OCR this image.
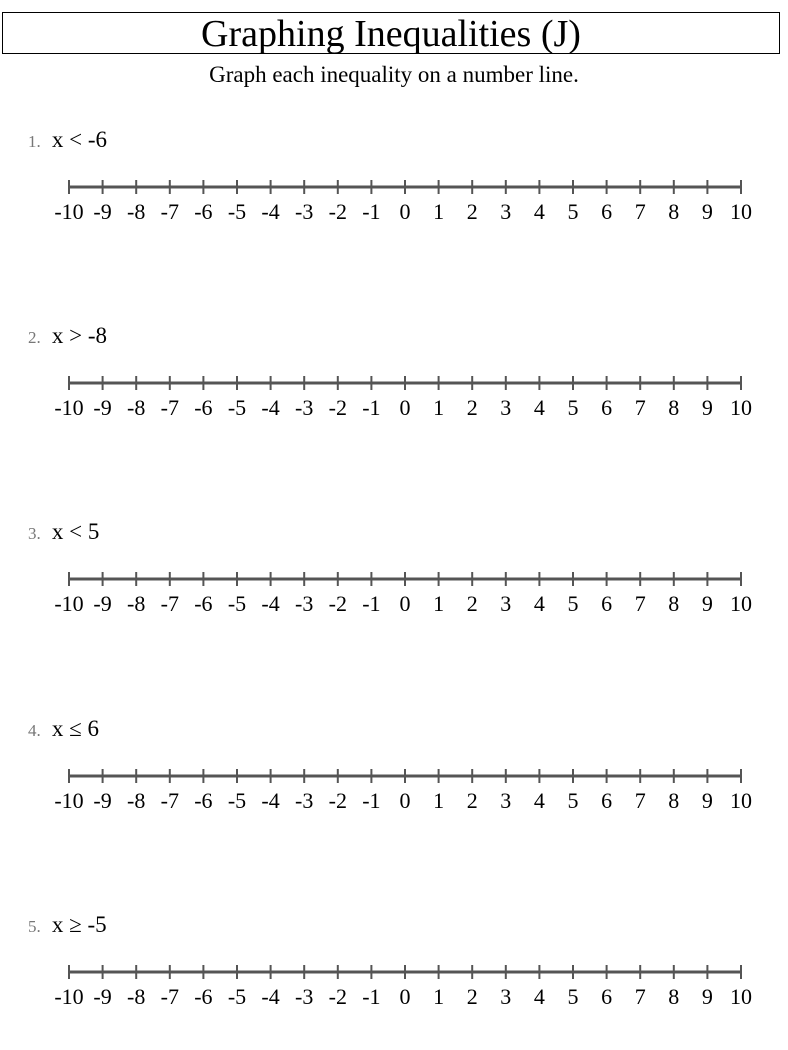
Graphing Inequalities (J)

Graph each inequality on a number line.

1. x < -6
-10 -9 -8 -7 -6 -5 -4 -3 -2 -1 0 1 2 3 4 5 6 7 8 9 10
2. x > -8
-10 -9 -8 -7 -6 -5 -4 -3 -2 -1 0 1 2 3 4 5 6 7 8 9 10
3. x < 5
-10 -9 -8 -7 -6 -5 -4 -3 -2 -1 0 1 2 3 4 5 6 7 8 9 10
4. x ≤ 6
-10 -9 -8 -7 -6 -5 -4 -3 -2 -1 0 1 2 3 4 5 6 7 8 9 10
5. x ≥ -5
-10 -9 -8 -7 -6 -5 -4 -3 -2 -1 0 1 2 3 4 5 6 7 8 9 10
